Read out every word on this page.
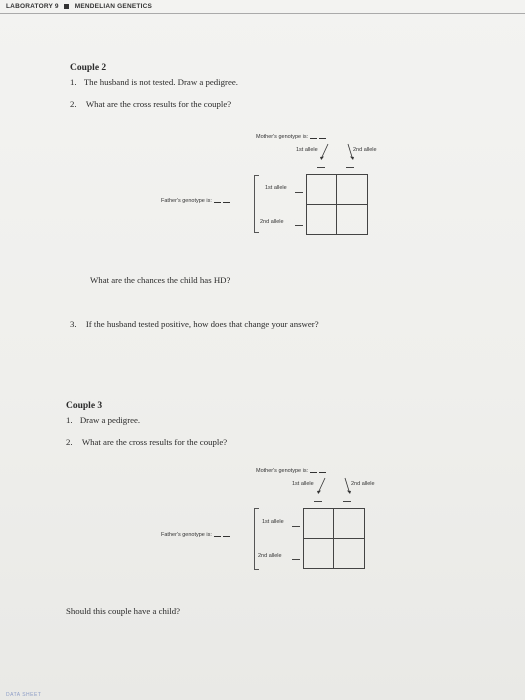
LABORATORY 9 MENDELIAN GENETICS
Couple 2
1. The husband is not tested. Draw a pedigree.
2. What are the cross results for the couple?
Mother's genotype is:
1st allele	2nd allele
Father's genotype is:
1st allele
2nd allele
What are the chances the child has HD?
3. If the husband tested positive, how does that change your answer?
Couple 3
1. Draw a pedigree.
2. What are the cross results for the couple?
Mother's genotype is:
1st allele	2nd allele
Father's genotype is:
1st allele
2nd allele
Should this couple have a child?
DATA SHEET
